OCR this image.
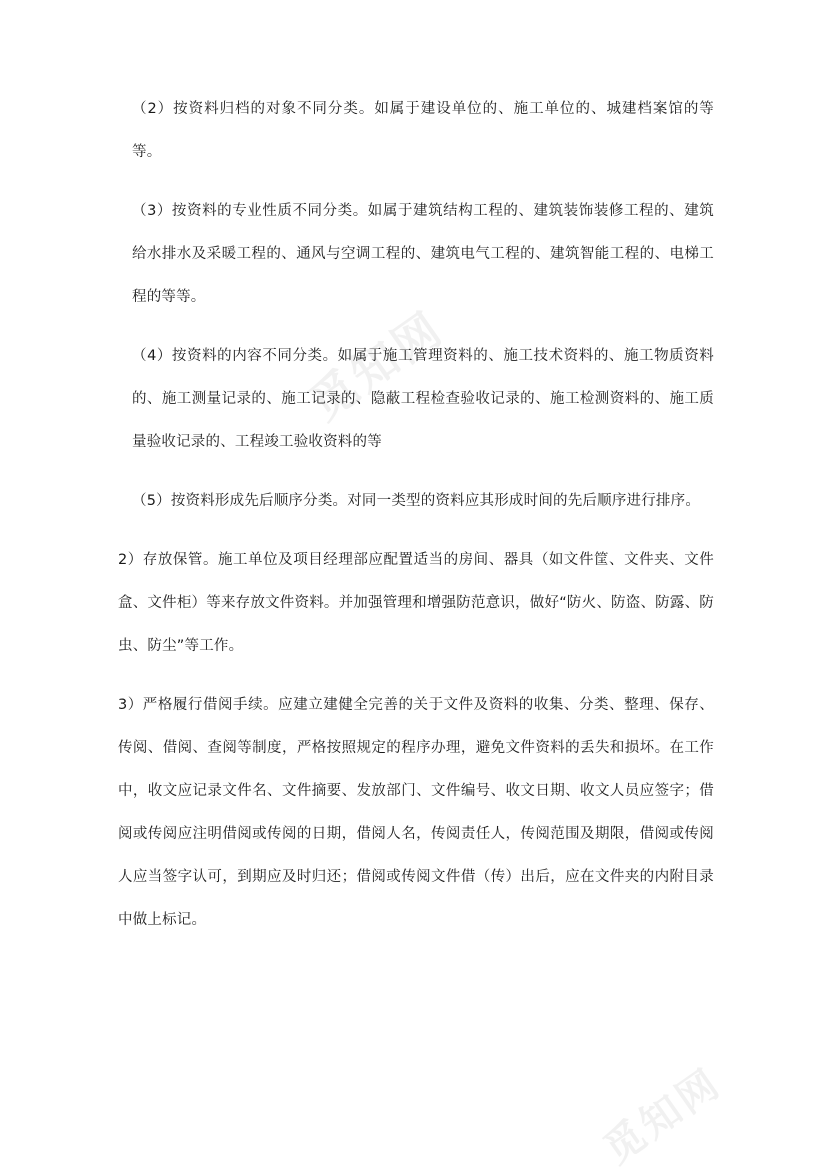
觅知网
觅知网

（2）按资料归档的对象不同分类。如属于建设单位的、施工单位的、城建档案馆的等等。

（3）按资料的专业性质不同分类。如属于建筑结构工程的、建筑装饰装修工程的、建筑给水排水及采暖工程的、通风与空调工程的、建筑电气工程的、建筑智能工程的、电梯工程的等等。

（4）按资料的内容不同分类。如属于施工管理资料的、施工技术资料的、施工物质资料的、施工测量记录的、施工记录的、隐蔽工程检查验收记录的、施工检测资料的、施工质量验收记录的、工程竣工验收资料的等

（5）按资料形成先后顺序分类。对同一类型的资料应其形成时间的先后顺序进行排序。

2）存放保管。施工单位及项目经理部应配置适当的房间、器具（如文件筐、文件夹、文件盒、文件柜）等来存放文件资料。并加强管理和增强防范意识，做好“防火、防盗、防露、防虫、防尘”等工作。

3）严格履行借阅手续。应建立建健全完善的关于文件及资料的收集、分类、整理、保存、传阅、借阅、查阅等制度，严格按照规定的程序办理，避免文件资料的丢失和损坏。在工作中，收文应记录文件名、文件摘要、发放部门、文件编号、收文日期、收文人员应签字；借阅或传阅应注明借阅或传阅的日期，借阅人名，传阅责任人，传阅范围及期限，借阅或传阅人应当签字认可，到期应及时归还；借阅或传阅文件借（传）出后，应在文件夹的内附目录中做上标记。
